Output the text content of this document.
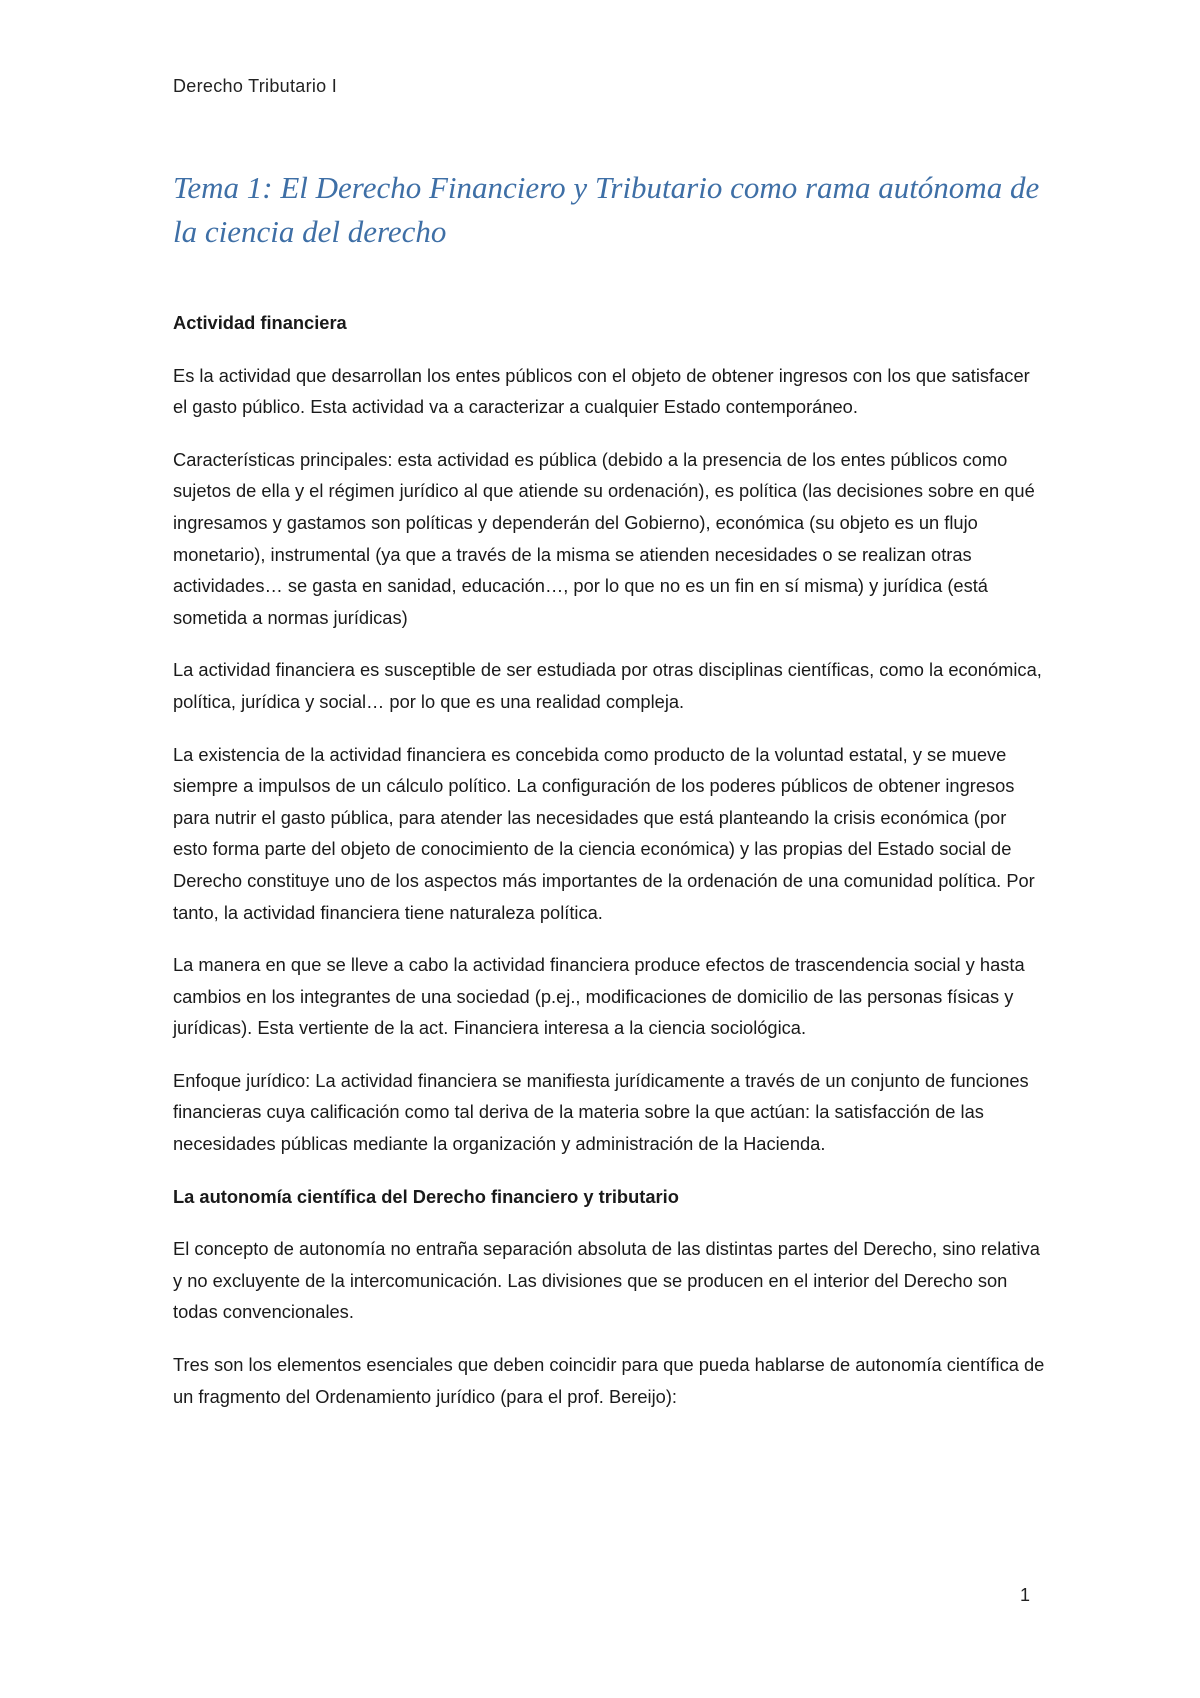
Derecho Tributario I
Tema 1: El Derecho Financiero y Tributario como rama autónoma de la ciencia del derecho
Actividad financiera

Es la actividad que desarrollan los entes públicos con el objeto de obtener ingresos con los que satisfacer el gasto público. Esta actividad va a caracterizar a cualquier Estado contemporáneo.

Características principales: esta actividad es pública (debido a la presencia de los entes públicos como sujetos de ella y el régimen jurídico al que atiende su ordenación), es política (las decisiones sobre en qué ingresamos y gastamos son políticas y dependerán del Gobierno), económica (su objeto es un flujo monetario), instrumental (ya que a través de la misma se atienden necesidades o se realizan otras actividades… se gasta en sanidad, educación…, por lo que no es un fin en sí misma) y jurídica (está sometida a normas jurídicas)

La actividad financiera es susceptible de ser estudiada por otras disciplinas científicas, como la económica, política, jurídica y social… por lo que es una realidad compleja.

La existencia de la actividad financiera es concebida como producto de la voluntad estatal, y se mueve siempre a impulsos de un cálculo político. La configuración de los poderes públicos de obtener ingresos para nutrir el gasto pública, para atender las necesidades que está planteando la crisis económica (por esto forma parte del objeto de conocimiento de la ciencia económica) y las propias del Estado social de Derecho constituye uno de los aspectos más importantes de la ordenación de una comunidad política. Por tanto, la actividad financiera tiene naturaleza política.

La manera en que se lleve a cabo la actividad financiera produce efectos de trascendencia social y hasta cambios en los integrantes de una sociedad (p.ej., modificaciones de domicilio de las personas físicas y jurídicas). Esta vertiente de la act. Financiera interesa a la ciencia sociológica.

Enfoque jurídico: La actividad financiera se manifiesta jurídicamente a través de un conjunto de funciones financieras cuya calificación como tal deriva de la materia sobre la que actúan: la satisfacción de las necesidades públicas mediante la organización y administración de la Hacienda.

La autonomía científica del Derecho financiero y tributario

El concepto de autonomía no entraña separación absoluta de las distintas partes del Derecho, sino relativa y no excluyente de la intercomunicación. Las divisiones que se producen en el interior del Derecho son todas convencionales.

Tres son los elementos esenciales que deben coincidir para que pueda hablarse de autonomía científica de un fragmento del Ordenamiento jurídico (para el prof. Bereijo):

1
